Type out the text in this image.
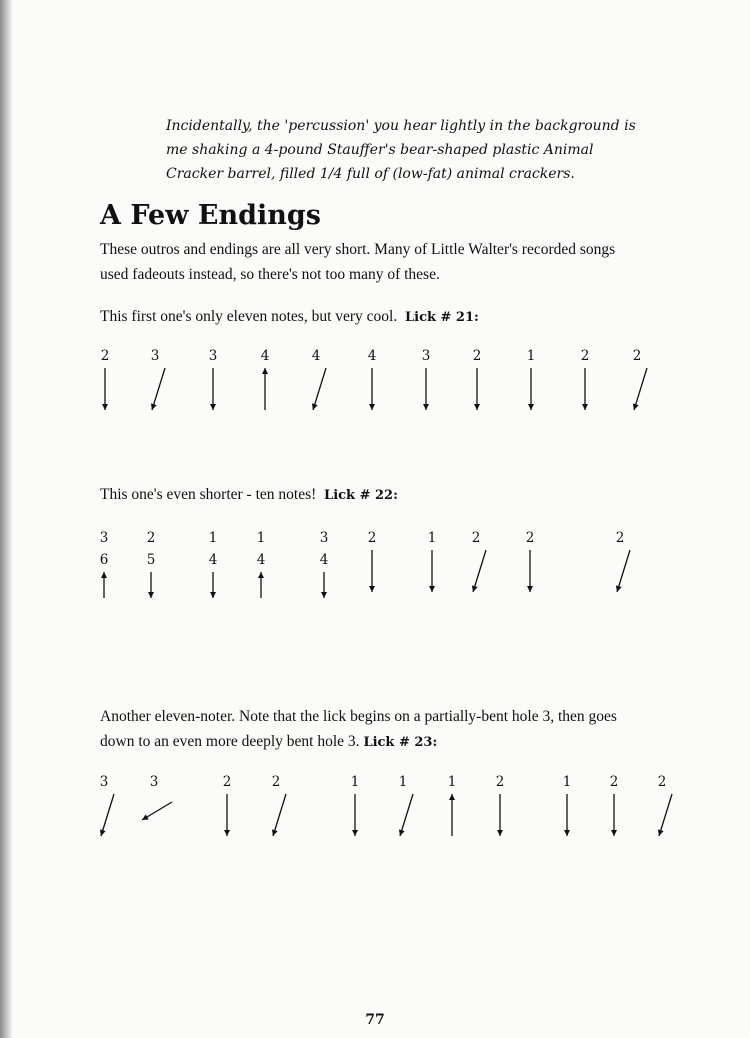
Incidentally, the 'percussion' you hear lightly in the background is
me shaking a 4-pound Stauffer's bear-shaped plastic Animal
Cracker barrel, filled 1/4 full of (low-fat) animal crackers.

A Few Endings

These outros and endings are all very short. Many of Little Walter's recorded songs
used fadeouts instead, so there's not too many of these.

This first one's only eleven notes, but very cool. Lick # 21:

2	3	3	4	4	4	3	2	1	2	2

This one's even shorter - ten notes! Lick # 22:

3
6
2
5
1
4
1
4
3
4
2	1	2	2	2

Another eleven-noter. Note that the lick begins on a partially-bent hole 3, then goes
down to an even more deeply bent hole 3. Lick # 23:

3	3	2	2	1	1	1	2	1	2	2
77
